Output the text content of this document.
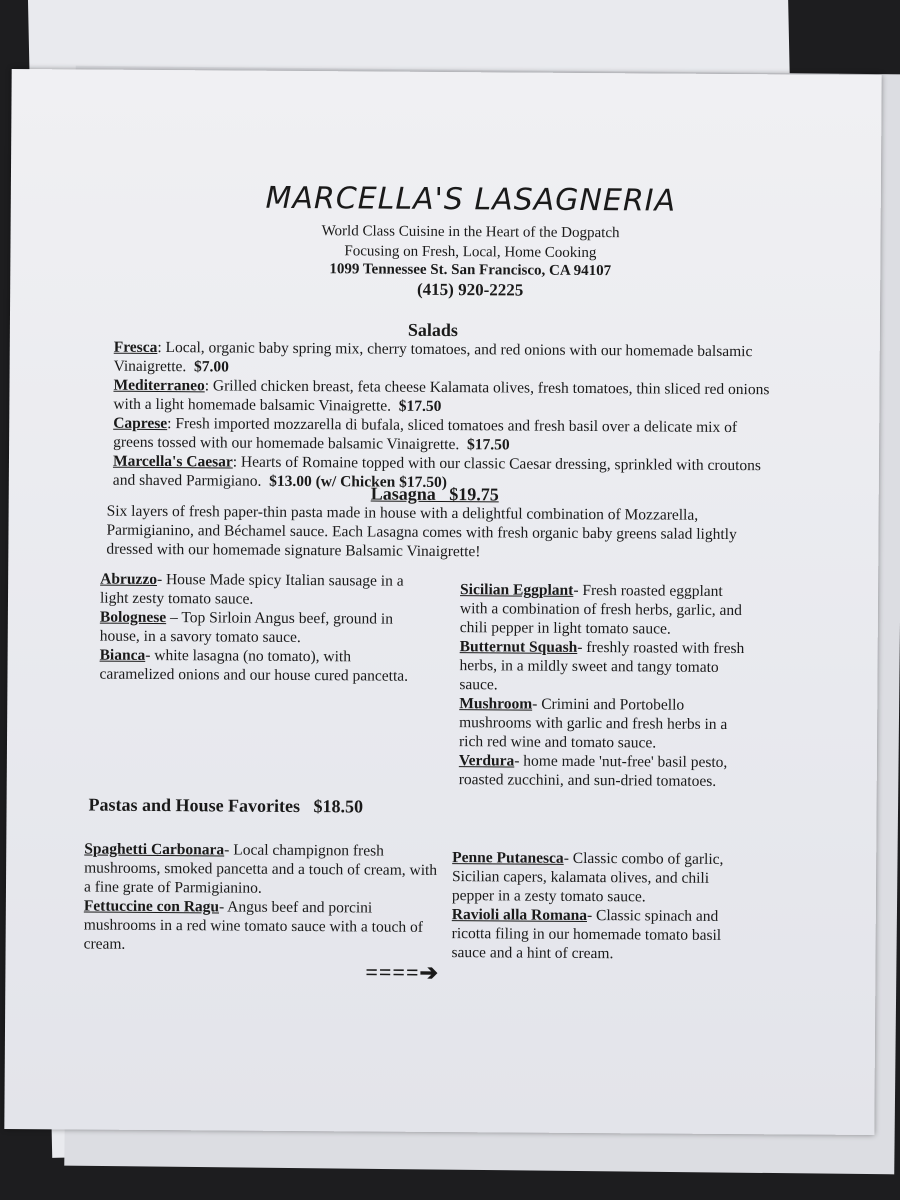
MARCELLA'S LASAGNERIA
World Class Cuisine in the Heart of the Dogpatch
Focusing on Fresh, Local, Home Cooking
1099 Tennessee St. San Francisco, CA 94107
(415) 920-2225
Salads
Fresca: Local, organic baby spring mix, cherry tomatoes, and red onions with our homemade balsamic Vinaigrette. $7.00
Mediterraneo: Grilled chicken breast, feta cheese Kalamata olives, fresh tomatoes, thin sliced red onions with a light homemade balsamic Vinaigrette. $17.50
Caprese: Fresh imported mozzarella di bufala, sliced tomatoes and fresh basil over a delicate mix of greens tossed with our homemade balsamic Vinaigrette. $17.50
Marcella's Caesar: Hearts of Romaine topped with our classic Caesar dressing, sprinkled with croutons and shaved Parmigiano. $13.00 (w/ Chicken $17.50)
Lasagna   $19.75
Six layers of fresh paper-thin pasta made in house with a delightful combination of Mozzarella, Parmigianino, and Béchamel sauce. Each Lasagna comes with fresh organic baby greens salad lightly dressed with our homemade signature Balsamic Vinaigrette!
Abruzzo- House Made spicy Italian sausage in a light zesty tomato sauce.
Bolognese – Top Sirloin Angus beef, ground in house, in a savory tomato sauce.
Bianca- white lasagna (no tomato), with caramelized onions and our house cured pancetta.
Sicilian Eggplant- Fresh roasted eggplant with a combination of fresh herbs, garlic, and chili pepper in light tomato sauce.
Butternut Squash- freshly roasted with fresh herbs, in a mildly sweet and tangy tomato sauce.
Mushroom- Crimini and Portobello mushrooms with garlic and fresh herbs in a rich red wine and tomato sauce.
Verdura- home made 'nut-free' basil pesto, roasted zucchini, and sun-dried tomatoes.
Pastas and House Favorites $18.50
Spaghetti Carbonara- Local champignon fresh mushrooms, smoked pancetta and a touch of cream, with a fine grate of Parmigianino.
Fettuccine con Ragu- Angus beef and porcini mushrooms in a red wine tomato sauce with a touch of cream.
Penne Putanesca- Classic combo of garlic, Sicilian capers, kalamata olives, and chili pepper in a zesty tomato sauce.
Ravioli alla Romana- Classic spinach and ricotta filing in our homemade tomato basil sauce and a hint of cream.
====➔
